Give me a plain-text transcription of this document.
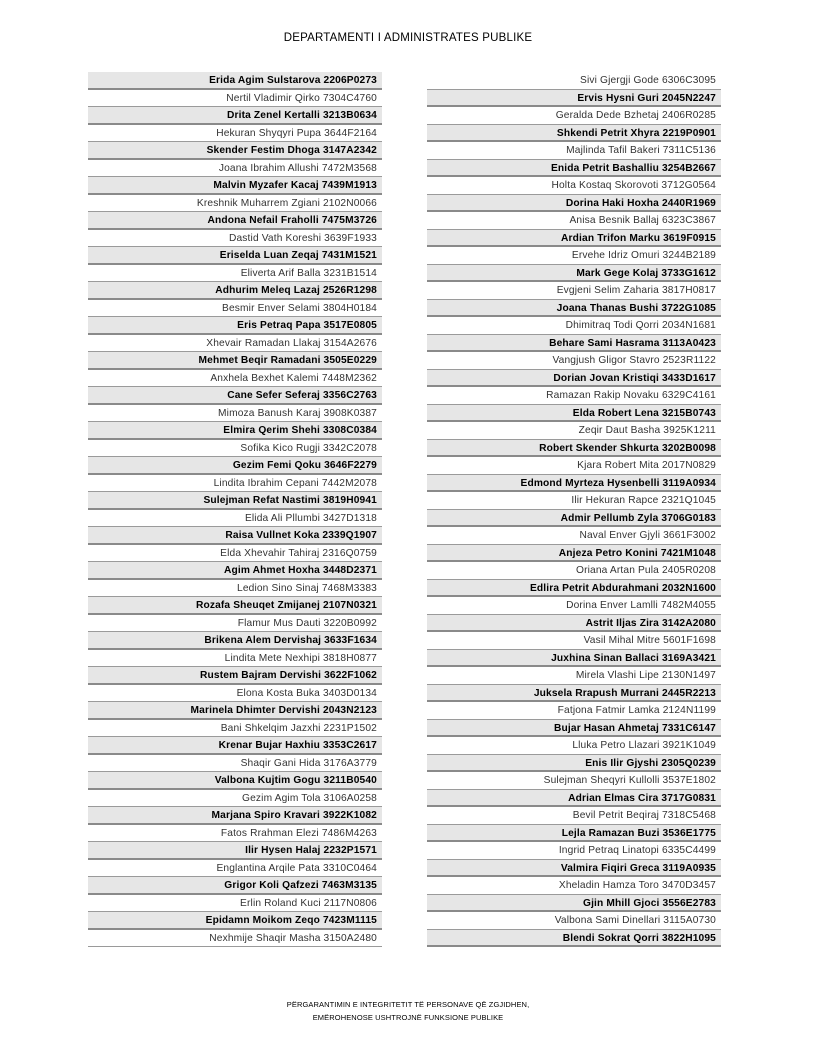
DEPARTAMENTI I ADMINISTRATES PUBLIKE
Erida Agim Sulstarova 2206P0273
Nertil Vladimir Qirko 7304C4760
Drita Zenel Kertalli 3213B0634
Hekuran Shyqyri Pupa 3644F2164
Skender Festim Dhoga 3147A2342
Joana Ibrahim Allushi 7472M3568
Malvin Myzafer Kacaj 7439M1913
Kreshnik Muharrem Zgiani 2102N0066
Andona Nefail Fraholli 7475M3726
Dastid Vath Koreshi 3639F1933
Eriselda Luan Zeqaj 7431M1521
Eliverta Arif Balla 3231B1514
Adhurim Meleq Lazaj 2526R1298
Besmir Enver Selami 3804H0184
Eris Petraq Papa 3517E0805
Xhevair Ramadan Llakaj 3154A2676
Mehmet Beqir Ramadani 3505E0229
Anxhela Bexhet Kalemi 7448M2362
Cane Sefer Seferaj 3356C2763
Mimoza Banush Karaj 3908K0387
Elmira Qerim Shehi 3308C0384
Sofika Kico Rugji 3342C2078
Gezim Femi Qoku 3646F2279
Lindita Ibrahim Cepani 7442M2078
Sulejman Refat Nastimi 3819H0941
Elida Ali Pllumbi 3427D1318
Raisa Vullnet Koka 2339Q1907
Elda Xhevahir Tahiraj 2316Q0759
Agim Ahmet Hoxha 3448D2371
Ledion Sino Sinaj 7468M3383
Rozafa Sheuqet Zmijanej 2107N0321
Flamur Mus Dauti 3220B0992
Brikena Alem Dervishaj 3633F1634
Lindita Mete Nexhipi 3818H0877
Rustem Bajram Dervishi 3622F1062
Elona Kosta Buka 3403D0134
Marinela Dhimter Dervishi 2043N2123
Bani Shkelqim Jazxhi 2231P1502
Krenar Bujar Haxhiu 3353C2617
Shaqir Gani Hida 3176A3779
Valbona Kujtim Gogu 3211B0540
Gezim Agim Tola 3106A0258
Marjana Spiro Kravari 3922K1082
Fatos Rrahman Elezi 7486M4263
Ilir Hysen Halaj 2232P1571
Englantina Arqile Pata 3310C0464
Grigor Koli Qafzezi 7463M3135
Erlin Roland Kuci 2117N0806
Epidamn Moikom Zeqo 7423M1115
Nexhmije Shaqir Masha 3150A2480
Sivi Gjergji Gode 6306C3095
Ervis Hysni Guri 2045N2247
Geralda Dede Bzhetaj 2406R0285
Shkendi Petrit Xhyra 2219P0901
Majlinda Tafil Bakeri 7311C5136
Enida Petrit Bashalliu 3254B2667
Holta Kostaq Skorovoti 3712G0564
Dorina Haki Hoxha 2440R1969
Anisa Besnik Ballaj 6323C3867
Ardian Trifon Marku 3619F0915
Ervehe Idriz Omuri 3244B2189
Mark Gege Kolaj 3733G1612
Evgjeni Selim Zaharia 3817H0817
Joana Thanas Bushi 3722G1085
Dhimitraq Todi Qorri 2034N1681
Behare Sami Hasrama 3113A0423
Vangjush Gligor Stavro 2523R1122
Dorian Jovan Kristiqi 3433D1617
Ramazan Rakip Novaku 6329C4161
Elda Robert Lena 3215B0743
Zeqir Daut Basha 3925K1211
Robert Skender Shkurta 3202B0098
Kjara Robert Mita 2017N0829
Edmond Myrteza Hysenbelli 3119A0934
Ilir Hekuran Rapce 2321Q1045
Admir Pellumb Zyla 3706G0183
Naval Enver Gjyli 3661F3002
Anjeza Petro Konini 7421M1048
Oriana Artan Pula 2405R0208
Edlira Petrit Abdurahmani 2032N1600
Dorina Enver Lamlli 7482M4055
Astrit Iljas Zira 3142A2080
Vasil Mihal Mitre 5601F1698
Juxhina Sinan Ballaci 3169A3421
Mirela Vlashi Lipe 2130N1497
Juksela Rrapush Murrani 2445R2213
Fatjona Fatmir Lamka 2124N1199
Bujar Hasan Ahmetaj 7331C6147
Lluka Petro Llazari 3921K1049
Enis Ilir Gjyshi 2305Q0239
Sulejman Sheqyri Kullolli 3537E1802
Adrian Elmas Cira 3717G0831
Bevil Petrit Beqiraj 7318C5468
Lejla Ramazan Buzi 3536E1775
Ingrid Petraq Linatopi 6335C4499
Valmira Fiqiri Greca 3119A0935
Xheladin Hamza Toro 3470D3457
Gjin Mhill Gjoci 3556E2783
Valbona Sami Dinellari 3115A0730
Blendi Sokrat Qorri 3822H1095
PËRGARANTIMIN E INTEGRITETIT TË PERSONAVE QË ZGJIDHEN,
EMËROHENOSE USHTROJNË FUNKSIONE PUBLIKE
